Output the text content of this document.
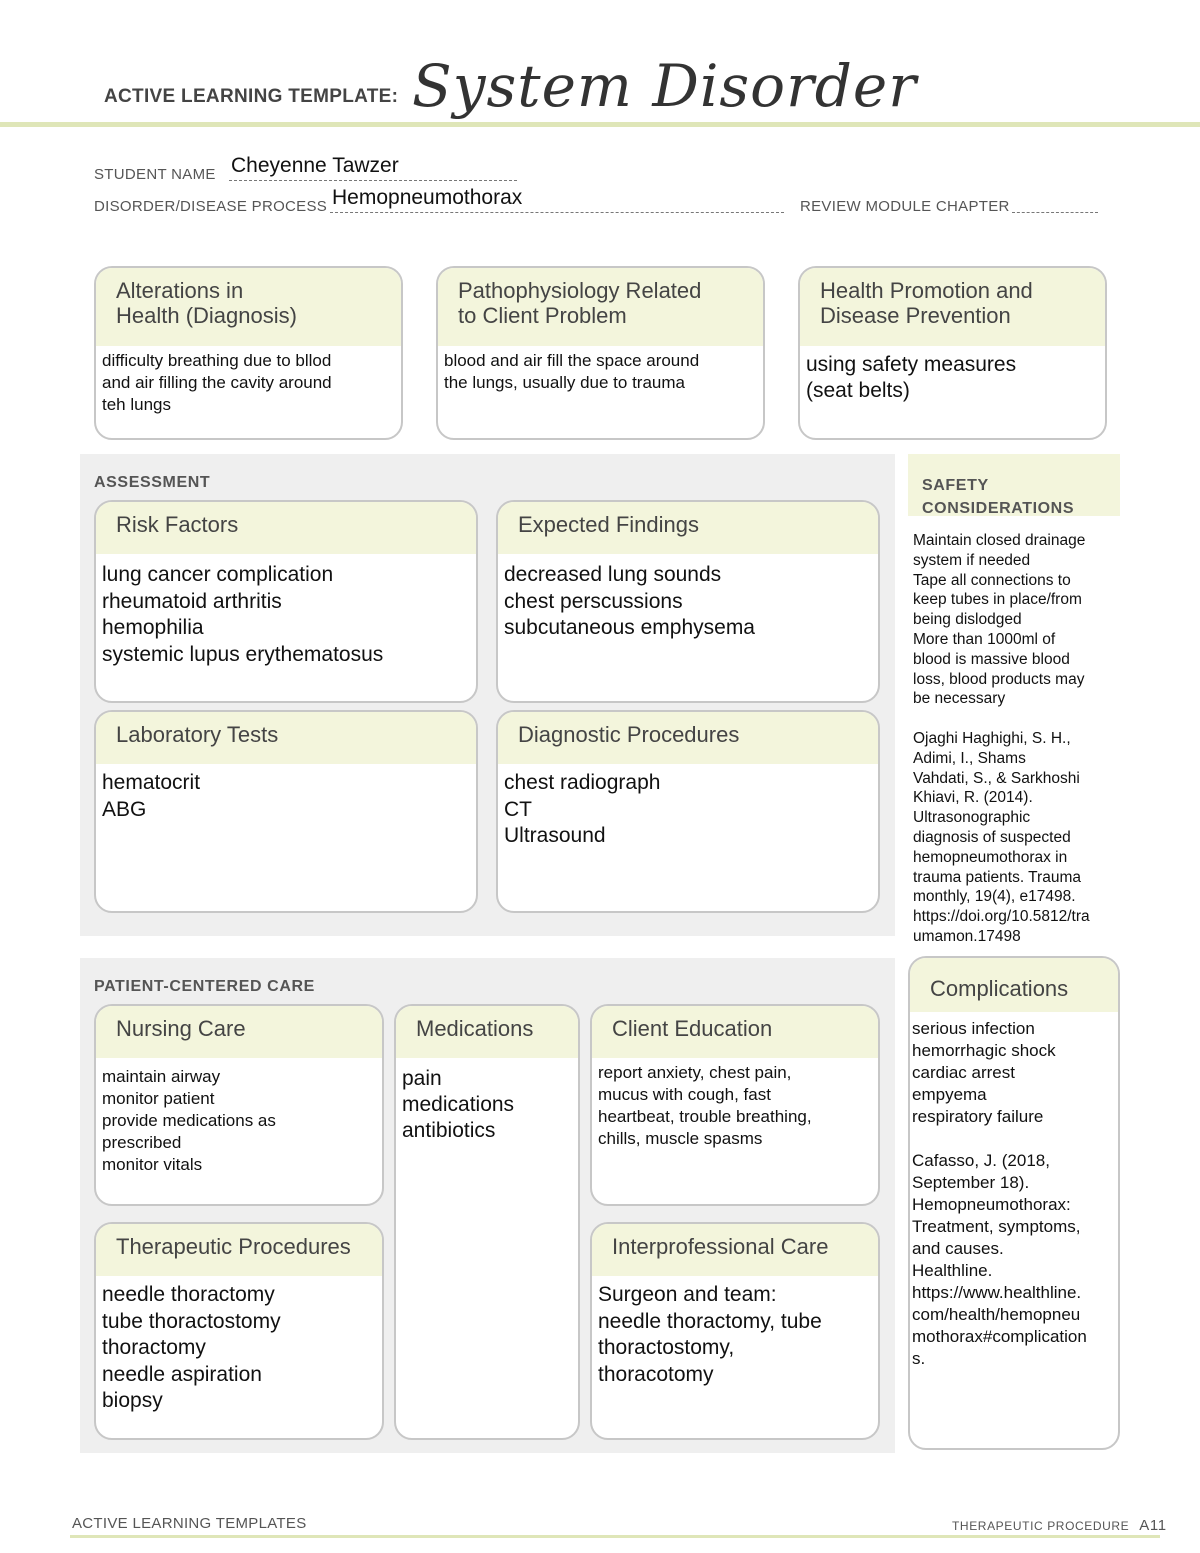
ACTIVE LEARNING TEMPLATE: System Disorder
STUDENT NAME Cheyenne Tawzer
DISORDER/DISEASE PROCESS Hemopneumothorax	REVIEW MODULE CHAPTER
Alterations in
Health (Diagnosis)
difficulty breathing due to bllod
and air filling the cavity around
teh lungs
Pathophysiology Related
to Client Problem
blood and air fill the space around
the lungs, usually due to trauma
Health Promotion and
Disease Prevention
using safety measures
(seat belts)
ASSESSMENT
Risk Factors
lung cancer complication
rheumatoid arthritis
hemophilia
systemic lupus erythematosus
Expected Findings
decreased lung sounds
chest perscussions
subcutaneous emphysema
Laboratory Tests
hematocrit
ABG
Diagnostic Procedures
chest radiograph
CT
Ultrasound
SAFETY
CONSIDERATIONS
Maintain closed drainage
system if needed
Tape all connections to
keep tubes in place/from
being dislodged
More than 1000ml of
blood is massive blood
loss, blood products may
be necessary

Ojaghi Haghighi, S. H.,
Adimi, I., Shams
Vahdati, S., & Sarkhoshi
Khiavi, R. (2014).
Ultrasonographic
diagnosis of suspected
hemopneumothorax in
trauma patients. Trauma
monthly, 19(4), e17498.
https://doi.org/10.5812/tra
umamon.17498
PATIENT-CENTERED CARE
Nursing Care
maintain airway
monitor patient
provide medications as
prescribed
monitor vitals
Medications
pain
medications
antibiotics
Client Education
report anxiety, chest pain,
mucus with cough, fast
heartbeat, trouble breathing,
chills, muscle spasms
Therapeutic Procedures
needle thoractomy
tube thoractostomy
thoractomy
needle aspiration
biopsy
Interprofessional Care
Surgeon and team:
needle thoractomy, tube
thoractostomy,
thoracotomy
Complications
serious infection
hemorrhagic shock
cardiac arrest
empyema
respiratory failure

Cafasso, J. (2018,
September 18).
Hemopneumothorax:
Treatment, symptoms,
and causes.
Healthline.
https://www.healthline.
com/health/hemopneu
mothorax#complication
s.
ACTIVE LEARNING TEMPLATES	THERAPEUTIC PROCEDURE A11
